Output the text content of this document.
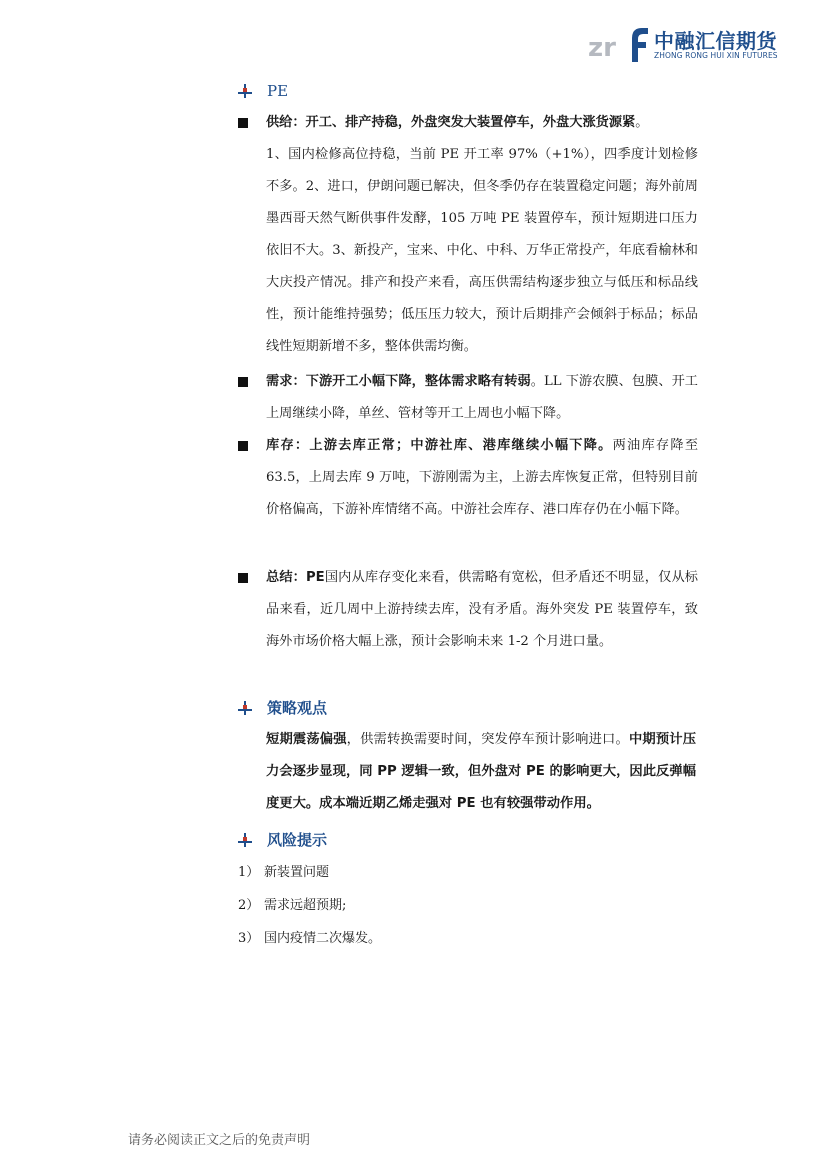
zr 中融汇信期货
ZHONG RONG HUI XIN FUTURES
PE
供给：开工、排产持稳，外盘突发大装置停车，外盘大涨货源紧。
1、国内检修高位持稳，当前 PE 开工率 97%（+1%），四季度计划检修不多。2、进口，伊朗问题已解决，但冬季仍存在装置稳定问题；海外前周墨西哥天然气断供事件发酵，105 万吨 PE 装置停车，预计短期进口压力依旧不大。3、新投产，宝来、中化、中科、万华正常投产，年底看榆林和大庆投产情况。排产和投产来看，高压供需结构逐步独立与低压和标品线性，预计能维持强势；低压压力较大，预计后期排产会倾斜于标品；标品线性短期新增不多，整体供需均衡。
需求：下游开工小幅下降，整体需求略有转弱。LL 下游农膜、包膜、开工上周继续小降，单丝、管材等开工上周也小幅下降。
库存：上游去库正常；中游社库、港库继续小幅下降。两油库存降至 63.5，上周去库 9 万吨，下游刚需为主，上游去库恢复正常，但特别目前价格偏高，下游补库情绪不高。中游社会库存、港口库存仍在小幅下降。
总结：PE国内从库存变化来看，供需略有宽松，但矛盾还不明显，仅从标品来看，近几周中上游持续去库，没有矛盾。海外突发 PE 装置停车，致海外市场价格大幅上涨，预计会影响未来 1-2 个月进口量。
策略观点
短期震荡偏强，供需转换需要时间，突发停车预计影响进口。中期预计压力会逐步显现，同 PP 逻辑一致，但外盘对 PE 的影响更大，因此反弹幅度更大。成本端近期乙烯走强对 PE 也有较强带动作用。
风险提示
1） 新装置问题
2） 需求远超预期;
3） 国内疫情二次爆发。
请务必阅读正文之后的免责声明
